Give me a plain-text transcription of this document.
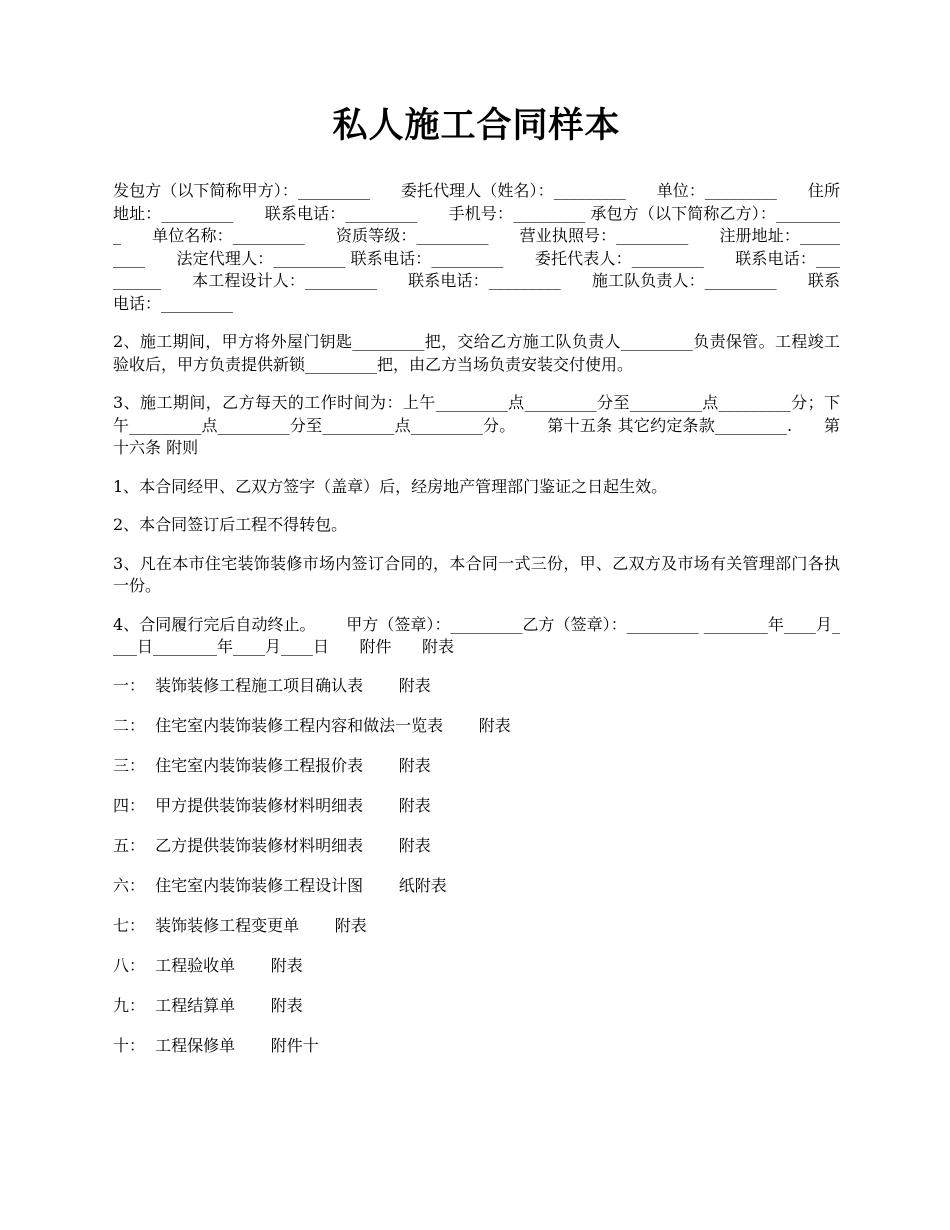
私人施工合同样本

发包方（以下简称甲方）：_________      委托代理人（姓名）：_________      单位：_________      住所地址：_________      联系电话：_________      手机号：_________ 承包方（以下简称乙方）：_________      单位名称：_________      资质等级：_________      营业执照号：_________      注册地址：_________      法定代理人：_________ 联系电话：_________      委托代表人：_________      联系电话：_________      本工程设计人：_________      联系电话：_________      施工队负责人：_________      联系电话：_________

2、施工期间，甲方将外屋门钥匙_________把，交给乙方施工队负责人_________负责保管。工程竣工验收后，甲方负责提供新锁_________把，由乙方当场负责安装交付使用。

3、施工期间，乙方每天的工作时间为：上午_________点_________分至_________点_________分；下午_________点_________分至_________点_________分。      第十五条 其它约定条款_________.      第十六条 附则

1、本合同经甲、乙双方签字（盖章）后，经房地产管理部门鉴证之日起生效。

2、本合同签订后工程不得转包。

3、凡在本市住宅装饰装修市场内签订合同的，本合同一式三份，甲、乙双方及市场有关管理部门各执一份。

4、合同履行完后自动终止。      甲方（签章）：_________乙方（签章）：_________ ________年____月____日________年____月____日      附件      附表

一：  装饰装修工程施工项目确认表       附表
二：  住宅室内装饰装修工程内容和做法一览表       附表
三：  住宅室内装饰装修工程报价表       附表
四：  甲方提供装饰装修材料明细表       附表
五：  乙方提供装饰装修材料明细表       附表
六：  住宅室内装饰装修工程设计图       纸附表
七：  装饰装修工程变更单       附表
八：  工程验收单       附表
九：  工程结算单       附表
十：  工程保修单       附件十
